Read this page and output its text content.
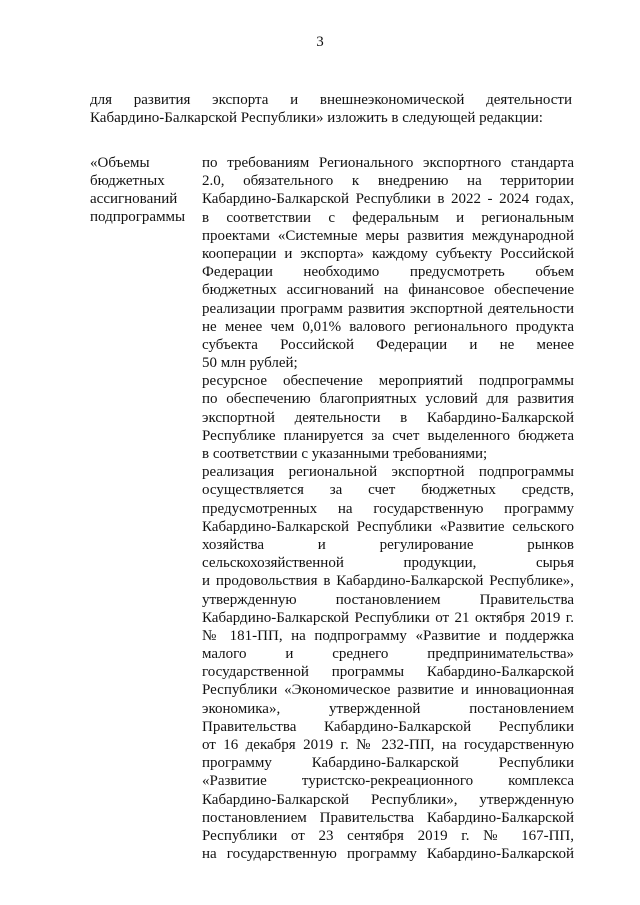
3
для развития экспорта и внешнеэкономической деятельности
Кабардино-Балкарской Республики» изложить в следующей редакции:
«Объемы
бюджетных
ассигнований
подпрограммы
по требованиям Регионального экспортного стандарта
2.0, обязательного к внедрению на территории
Кабардино-Балкарской Республики в 2022 - 2024 годах,
в соответствии с федеральным и региональным
проектами «Системные меры развития международной
кооперации и экспорта» каждому субъекту Российской
Федерации необходимо предусмотреть объем
бюджетных ассигнований на финансовое обеспечение
реализации программ развития экспортной деятельности
не менее чем 0,01% валового регионального продукта
субъекта Российской Федерации и не менее
50 млн рублей;
ресурсное обеспечение мероприятий подпрограммы
по обеспечению благоприятных условий для развития
экспортной деятельности в Кабардино-Балкарской
Республике планируется за счет выделенного бюджета
в соответствии с указанными требованиями;
реализация региональной экспортной подпрограммы
осуществляется за счет бюджетных средств,
предусмотренных на государственную программу
Кабардино-Балкарской Республики «Развитие сельского
хозяйства и регулирование рынков
сельскохозяйственной продукции, сырья
и продовольствия в Кабардино-Балкарской Республике»,
утвержденную постановлением Правительства
Кабардино-Балкарской Республики от 21 октября 2019 г.
№ 181-ПП, на подпрограмму «Развитие и поддержка
малого и среднего предпринимательства»
государственной программы Кабардино-Балкарской
Республики «Экономическое развитие и инновационная
экономика», утвержденной постановлением
Правительства Кабардино-Балкарской Республики
от 16 декабря 2019 г. № 232-ПП, на государственную
программу Кабардино-Балкарской Республики
«Развитие туристско-рекреационного комплекса
Кабардино-Балкарской Республики», утвержденную
постановлением Правительства Кабардино-Балкарской
Республики от 23 сентября 2019 г. № 167-ПП,
на государственную программу Кабардино-Балкарской
